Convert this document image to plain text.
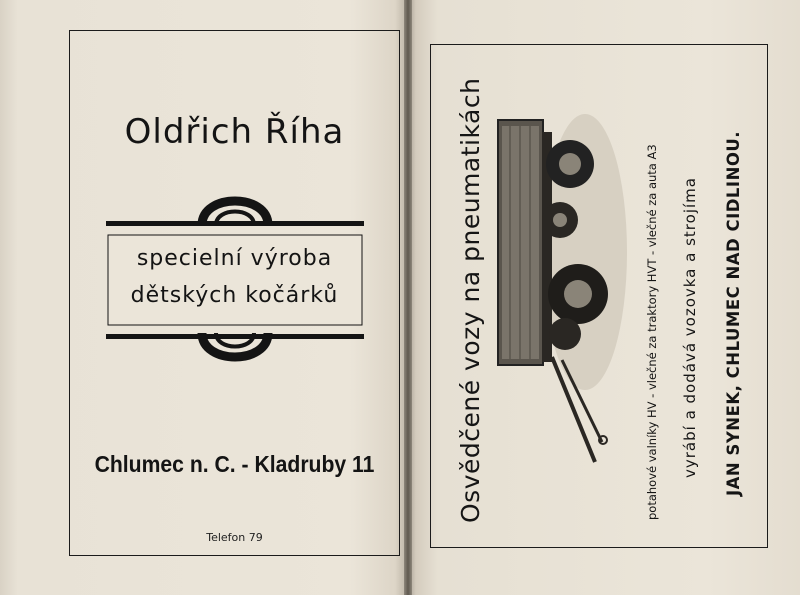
Oldřich Říha
specielní výroba
dětských kočárků
Chlumec n. C. - Kladruby 11
Telefon 79
Osvědčené vozy na pneumatikách	potahové valníky HV - vlečné za traktory HVT - vlečné za auta A3 vyrábí a dodává vozovka a strojíma JAN SYNEK, CHLUMEC NAD CIDLINOU.
